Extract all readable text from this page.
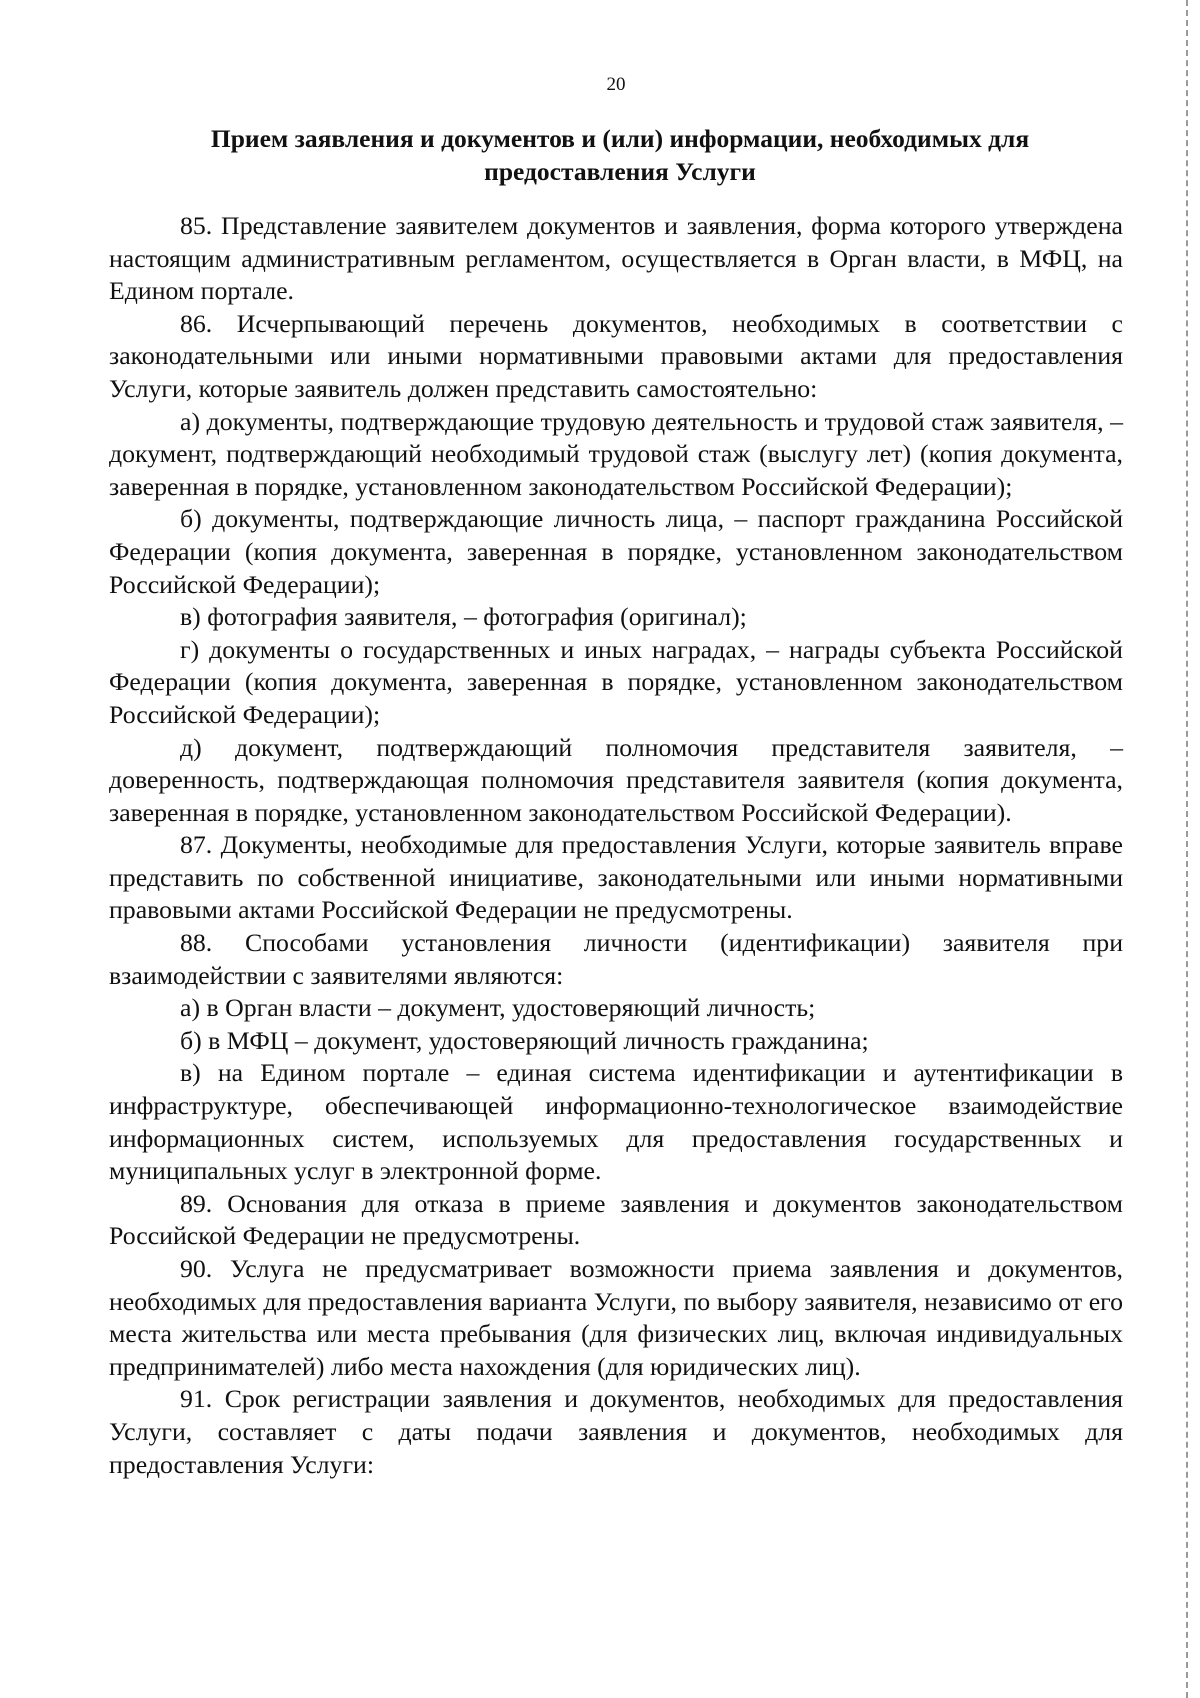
20
Прием заявления и документов и (или) информации, необходимых для предоставления Услуги

85. Представление заявителем документов и заявления, форма которого утверждена настоящим административным регламентом, осуществляется в Орган власти, в МФЦ, на Едином портале.

86. Исчерпывающий перечень документов, необходимых в соответствии с законодательными или иными нормативными правовыми актами для предоставления Услуги, которые заявитель должен представить самостоятельно:

а) документы, подтверждающие трудовую деятельность и трудовой стаж заявителя, – документ, подтверждающий необходимый трудовой стаж (выслугу лет) (копия документа, заверенная в порядке, установленном законодательством Российской Федерации);

б) документы, подтверждающие личность лица, – паспорт гражданина Российской Федерации (копия документа, заверенная в порядке, установленном законодательством Российской Федерации);

в) фотография заявителя, – фотография (оригинал);

г) документы о государственных и иных наградах, – награды субъекта Российской Федерации (копия документа, заверенная в порядке, установленном законодательством Российской Федерации);

д) документ, подтверждающий полномочия представителя заявителя, – доверенность, подтверждающая полномочия представителя заявителя (копия документа, заверенная в порядке, установленном законодательством Российской Федерации).

87. Документы, необходимые для предоставления Услуги, которые заявитель вправе представить по собственной инициативе, законодательными или иными нормативными правовыми актами Российской Федерации не предусмотрены.

88. Способами установления личности (идентификации) заявителя при взаимодействии с заявителями являются:

а) в Орган власти – документ, удостоверяющий личность;

б) в МФЦ – документ, удостоверяющий личность гражданина;

в) на Едином портале – единая система идентификации и аутентификации в инфраструктуре, обеспечивающей информационно-технологическое взаимодействие информационных систем, используемых для предоставления государственных и муниципальных услуг в электронной форме.

89. Основания для отказа в приеме заявления и документов законодательством Российской Федерации не предусмотрены.

90. Услуга не предусматривает возможности приема заявления и документов, необходимых для предоставления варианта Услуги, по выбору заявителя, независимо от его места жительства или места пребывания (для физических лиц, включая индивидуальных предпринимателей) либо места нахождения (для юридических лиц).

91. Срок регистрации заявления и документов, необходимых для предоставления Услуги, составляет с даты подачи заявления и документов, необходимых для предоставления Услуги:
